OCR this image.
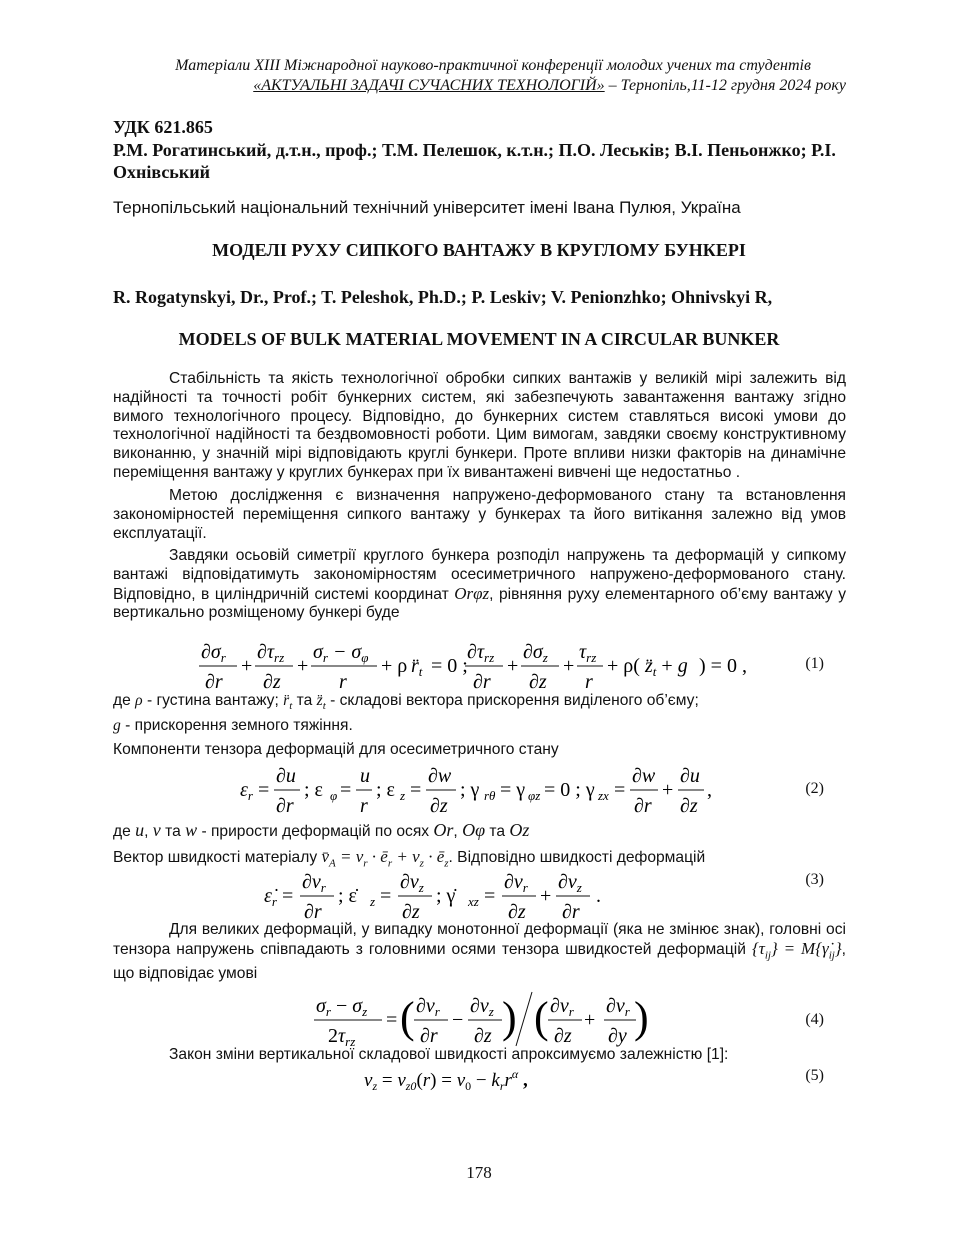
Матеріали XIII Міжнародної науково-практичної конференції молодих учених та студентів
«АКТУАЛЬНІ ЗАДАЧІ СУЧАСНИХ ТЕХНОЛОГІЙ» – Тернопіль,11-12 грудня 2024 року
УДК 621.865
Р.М. Рогатинський, д.т.н., проф.; Т.М. Пелешок, к.т.н.; П.О. Леськів; В.І. Пеньонжко; Р.І. Охнівський
Тернопільський національний технічний університет імені Івана Пулюя, Україна
МОДЕЛІ РУХУ СИПКОГО ВАНТАЖУ В КРУГЛОМУ БУНКЕРІ
R. Rogatynskyi, Dr., Prof.; T. Peleshok, Ph.D.; P. Leskiv; V. Penionzhko; Ohnivskyi R,
MODELS OF BULK MATERIAL MOVEMENT IN A CIRCULAR BUNKER
Стабільність та якість технологічної обробки сипких вантажів у великій мірі залежить від надійності та точності робіт бункерних систем, які забезпечують завантаження вантажу згідно вимого технологічного процесу. Відповідно, до бункерних систем ставляться високі умови до технологічної надійності та бездвомовності роботи. Цим вимогам, завдяки своєму конструктивному виконанню, у значній мірі відповідають круглі бункери. Проте впливи низки факторів на динамічне переміщення вантажу у круглих бункерах при їх вивантажені вивчені ще недостатньо .
Метою дослідження є визначення напружено-деформованого стану та встановлення закономірностей переміщення сипкого вантажу у бункерах та його витікання залежно від умов експлуатації.
Завдяки осьовій симетрії круглого бункера розподіл напружень та деформацій у сипкому вантажі відповідатимуть закономірностям осесиметричного напружено-деформованого стану. Відповідно, в циліндричній системі координат Orφz, рівняння руху елементарного об’єму вантажу у вертикально розміщеному бункері буде
$\partial\sigma_r$
∂r
+
$\partial\tau_{rz}$
∂z
+
$\sigma_r - \sigma_\varphi$
r
+ ρ $r̈_t = 0$ ;
$\partial\tau_{rz}$
∂r
+
$\partial\sigma_z$
∂z
+
$\tau_{rz}$
r
+ ρ( $z̈_t + g$ ) = 0 ,	(1)
де ρ - густина вантажу; $r̈_t$ та $z̈_t$ - складові вектора прискорення виділеного об’єму;
g - прискорення земного тяжіння.
Компоненти тензора деформацій для осесиметричного стану
$\varepsilon_r$ =
∂u
∂r
; ε φ =
u
r
; ε z =
∂w
∂z
; γ rθ = γ φz = 0 ; γ zx =
∂w
∂r
+
∂u
∂z
,	(2)
де u, v та w - прирости деформацій по осях Or, Oφ та Oz
Вектор швидкості матеріалу $v̄_A = \nu_r$ · $ē_r + \nu_z$ · $ē_z$. Відповідно швидкості деформацій
$\varepsiloṅ_r$ =
$\partial\nu_r$
∂r
; ε̇ z =
$\partial\nu_z$
∂z
; γ̇ xz =
$\partial\nu_r$
∂z
+
$\partial\nu_z$
∂r
.
(3)
Для великих деформацій, у випадку монотонної деформації (яка не змінює знак), головні осі тензора напружень співпадають з головними осями тензора швидкостей деформацій $\{\tau_{ij}\}$ = $M\{\gammȧ_{ij}\}$, що відповідає умові
$\sigma_r - \sigma_z$
$2\tau_{rz}$
= ( $\partial\nu_r$
∂r
−
$\partial\nu_z$
∂z ) ( $\partial\nu_r$
∂z
+
$\partial\nu_r$
∂y )	(4)
Закон зміни вертикальної складової швидкості апроксимуємо залежністю [1]:
$v_z = v_{z0}(r) = v_0 - k_rr^\alpha$ ,	(5)
178
